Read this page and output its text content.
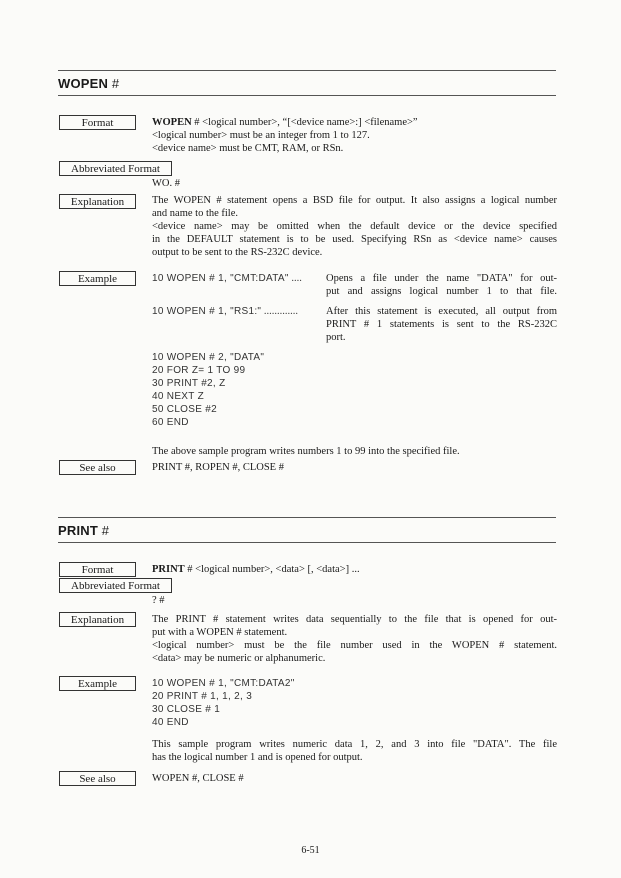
WOPEN #
Format	WOPEN # <logical number>, “[<device name>:] <filename>”
<logical number> must be an integer from 1 to 127.
<device name> must be CMT, RAM, or RSn.
Abbreviated Format
WO. #
Explanation	The WOPEN # statement opens a BSD file for output. It also assigns a logical number
and name to the file.
<device name> may be omitted when the default device or the device specified
in the DEFAULT statement is to be used. Specifying RSn as <device name> causes
output to be sent to the RS-232C device.
Example	10 WOPEN # 1, "CMT:DATA" .... Opens a file under the name "DATA" for out-
put and assigns logical number 1 to that file.
10 WOPEN # 1, "RS1:" .............	After this statement is executed, all output from
PRINT # 1 statements is sent to the RS-232C
port.
10 WOPEN # 2, "DATA"
20 FOR Z= 1 TO 99
30 PRINT #2, Z
40 NEXT Z
50 CLOSE #2
60 END
The above sample program writes numbers 1 to 99 into the specified file.
See also	PRINT #, ROPEN #, CLOSE #
PRINT #
Format	PRINT # <logical number>, <data> [, <data>] ...
Abbreviated Format
? #
Explanation	The PRINT # statement writes data sequentially to the file that is opened for out-
put with a WOPEN # statement.
<logical number> must be the file number used in the WOPEN # statement.
<data> may be numeric or alphanumeric.
Example	10 WOPEN # 1, "CMT:DATA2"
20 PRINT # 1, 1, 2, 3
30 CLOSE # 1
40 END
This sample program writes numeric data 1, 2, and 3 into file "DATA". The file
has the logical number 1 and is opened for output.
See also	WOPEN #, CLOSE #
6-51
